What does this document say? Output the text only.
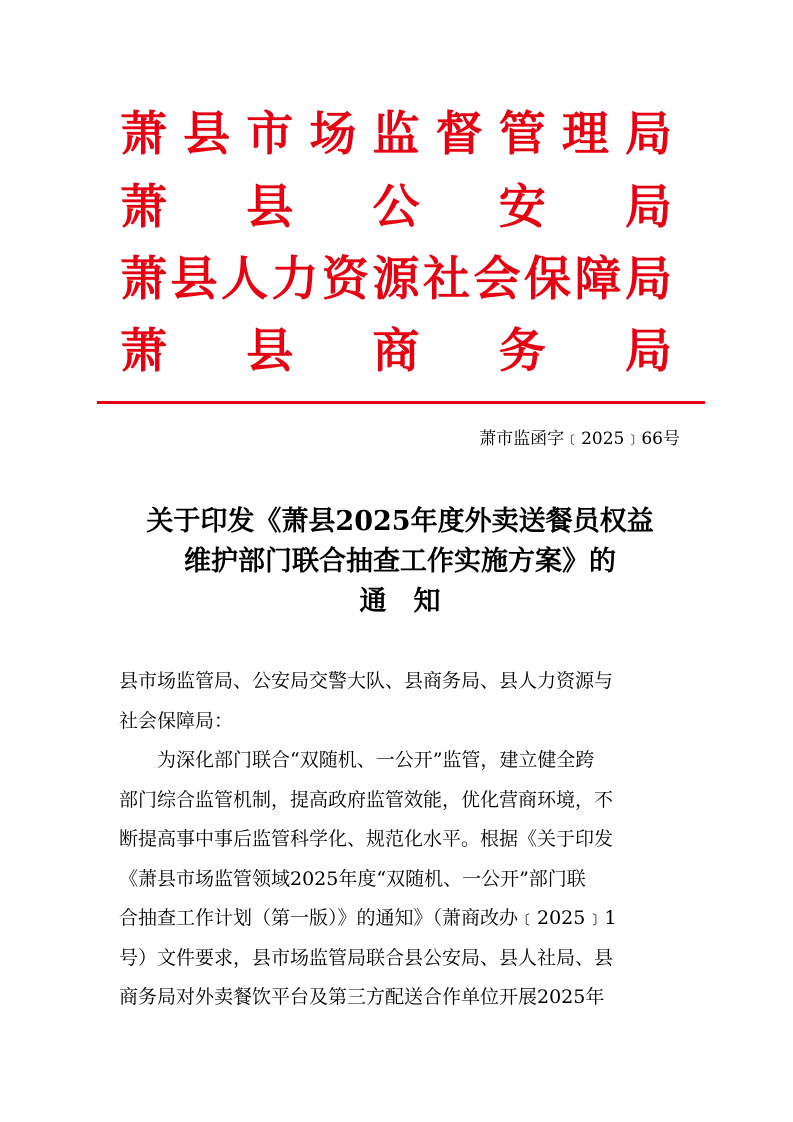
萧 县 市 场 监 督 管 理 局
萧 县 公 安 局
萧 县 人 力 资 源 社 会 保 障 局
萧 县 商 务 局
萧市监函字﹝2025﹞66号
关于印发《萧县2025年度外卖送餐员权益
维护部门联合抽查工作实施方案》的
通　知

县市场监管局、公安局交警大队、县商务局、县人力资源与

社会保障局：

为深化部门联合“双随机、一公开”监管，建立健全跨

部门综合监管机制，提高政府监管效能，优化营商环境，不

断提高事中事后监管科学化、规范化水平。根据《关于印发

《萧县市场监管领域2025年度“双随机、一公开”部门联

合抽查工作计划（第一版）》的通知》（萧商改办﹝2025﹞1

号）文件要求，县市场监管局联合县公安局、县人社局、县

商务局对外卖餐饮平台及第三方配送合作单位开展2025年
